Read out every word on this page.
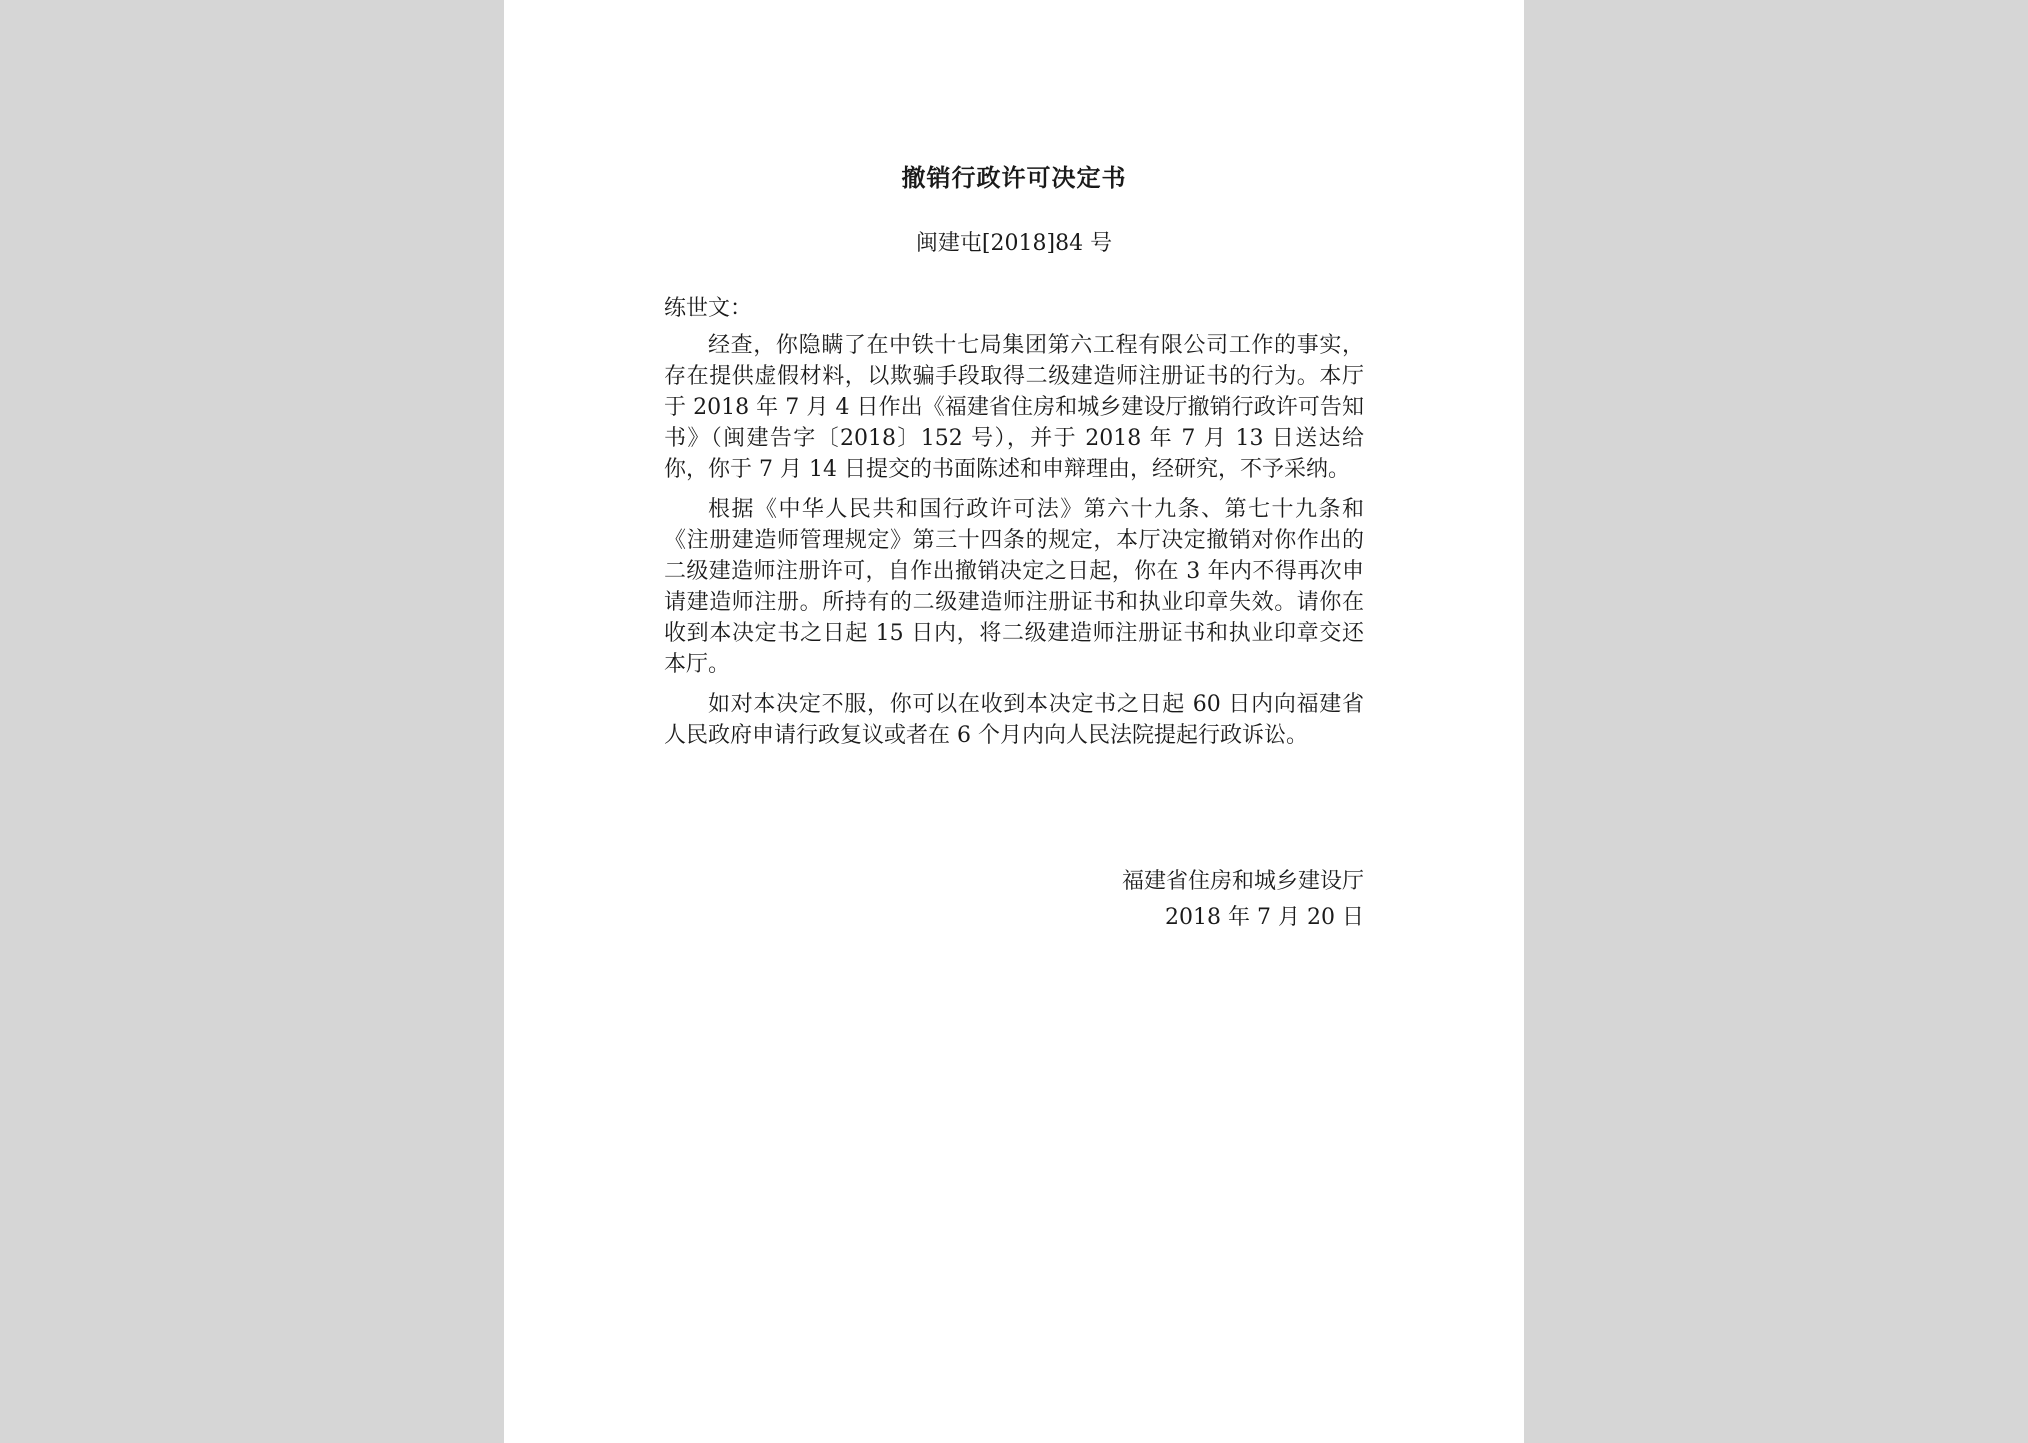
撤销行政许可决定书
闽建屯[2018]84 号
练世文：

经查，你隐瞒了在中铁十七局集团第六工程有限公司工作的事实，存在提供虚假材料，以欺骗手段取得二级建造师注册证书的行为。本厅于 2018 年 7 月 4 日作出《福建省住房和城乡建设厅撤销行政许可告知书》（闽建告字〔2018〕152 号），并于 2018 年 7 月 13 日送达给你，你于 7 月 14 日提交的书面陈述和申辩理由，经研究，不予采纳。

根据《中华人民共和国行政许可法》第六十九条、第七十九条和《注册建造师管理规定》第三十四条的规定，本厅决定撤销对你作出的二级建造师注册许可，自作出撤销决定之日起，你在 3 年内不得再次申请建造师注册。所持有的二级建造师注册证书和执业印章失效。请你在收到本决定书之日起 15 日内，将二级建造师注册证书和执业印章交还本厅。

如对本决定不服，你可以在收到本决定书之日起 60 日内向福建省人民政府申请行政复议或者在 6 个月内向人民法院提起行政诉讼。

福建省住房和城乡建设厅
2018 年 7 月 20 日
